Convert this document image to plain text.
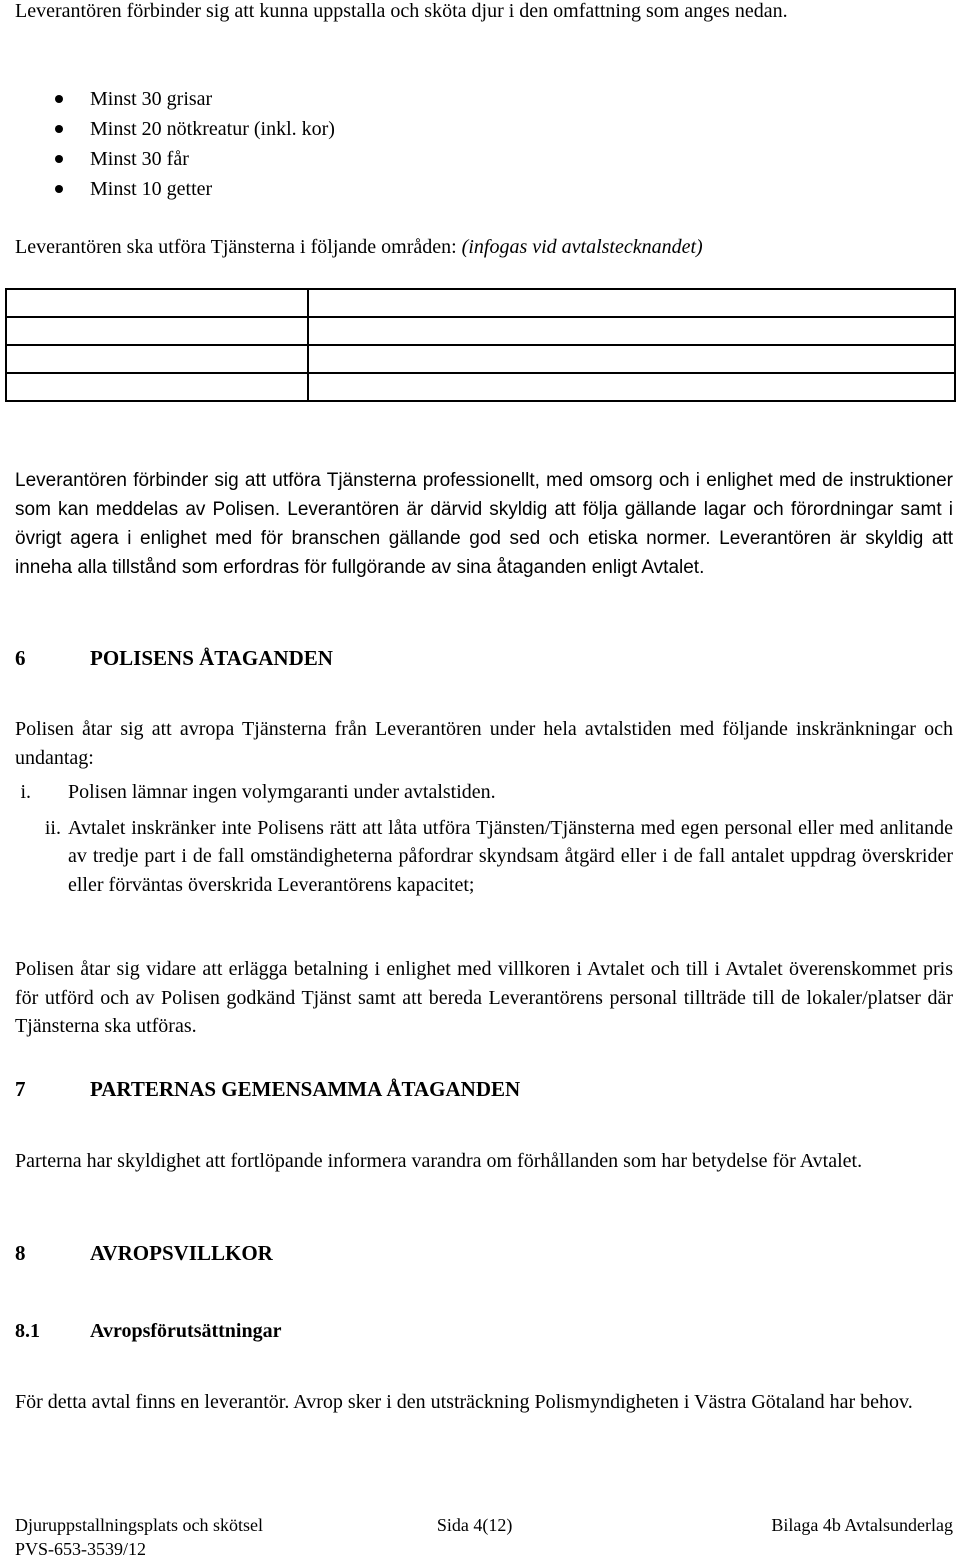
Leverantören förbinder sig att kunna uppstalla och sköta djur i den omfattning som anges nedan.

Minst 30 grisar
Minst 20 nötkreatur (inkl. kor)
Minst 30 får
Minst 10 getter

Leverantören ska utföra Tjänsterna i följande områden: (infogas vid avtalstecknandet)

Leverantören förbinder sig att utföra Tjänsterna professionellt, med omsorg och i enlighet med de instruktioner som kan meddelas av Polisen. Leverantören är därvid skyldig att följa gällande lagar och förordningar samt i övrigt agera i enlighet med för branschen gällande god sed och etiska normer. Leverantören är skyldig att inneha alla tillstånd som erfordras för fullgörande av sina åtaganden enligt Avtalet.

6	POLISENS ÅTAGANDEN

Polisen åtar sig att avropa Tjänsterna från Leverantören under hela avtalstiden med följande inskränkningar och undantag:

i. Polisen lämnar ingen volymgaranti under avtalstiden.
ii. Avtalet inskränker inte Polisens rätt att låta utföra Tjänsten/Tjänsterna med egen personal eller med anlitande av tredje part i de fall omständigheterna påfordrar skyndsam åtgärd eller i de fall antalet uppdrag överskrider eller förväntas överskrida Leverantörens kapacitet;

Polisen åtar sig vidare att erlägga betalning i enlighet med villkoren i Avtalet och till i Avtalet överenskommet pris för utförd och av Polisen godkänd Tjänst samt att bereda Leverantörens personal tillträde till de lokaler/platser där Tjänsterna ska utföras.

7	PARTERNAS GEMENSAMMA ÅTAGANDEN

Parterna har skyldighet att fortlöpande informera varandra om förhållanden som har betydelse för Avtalet.

8	AVROPSVILLKOR
8.1	Avropsförutsättningar

För detta avtal finns en leverantör. Avrop sker i den utsträckning Polismyndigheten i Västra Götaland har behov.

Djuruppstallningsplats och skötsel	Sida 4(12)	Bilaga 4b Avtalsunderlag
PVS-653-3539/12
